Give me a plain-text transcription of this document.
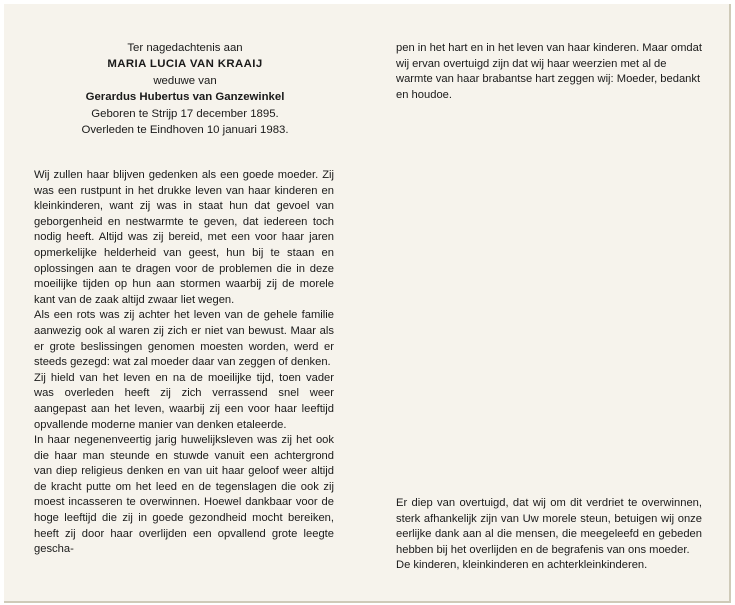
Ter nagedachtenis aan
MARIA LUCIA VAN KRAAIJ
weduwe van
Gerardus Hubertus van Ganzewinkel
Geboren te Strijp 17 december 1895.
Overleden te Eindhoven 10 januari 1983.

Wij zullen haar blijven gedenken als een goede moeder. Zij was een rustpunt in het drukke leven van haar kinderen en kleinkinderen, want zij was in staat hun dat gevoel van geborgenheid en nestwarmte te geven, dat iedereen toch nodig heeft. Altijd was zij bereid, met een voor haar jaren opmerkelijke helderheid van geest, hun bij te staan en oplossingen aan te dragen voor de problemen die in deze moeilijke tijden op hun aan stormen waarbij zij de morele kant van de zaak altijd zwaar liet wegen.

Als een rots was zij achter het leven van de gehele familie aanwezig ook al waren zij zich er niet van bewust. Maar als er grote beslissingen genomen moesten worden, werd er steeds gezegd: wat zal moeder daar van zeggen of denken.

Zij hield van het leven en na de moeilijke tijd, toen vader was overleden heeft zij zich verrassend snel weer aangepast aan het leven, waarbij zij een voor haar leeftijd opvallende moderne manier van denken etaleerde.

In haar negenenveertig jarig huwelijksleven was zij het ook die haar man steunde en stuwde vanuit een achtergrond van diep religieus denken en van uit haar geloof weer altijd de kracht putte om het leed en de tegenslagen die ook zij moest incasseren te overwinnen. Hoewel dankbaar voor de hoge leeftijd die zij in goede gezondheid mocht bereiken, heeft zij door haar overlijden een opvallend grote leegte gescha-

pen in het hart en in het leven van haar kinderen. Maar omdat wij ervan overtuigd zijn dat wij haar weerzien met al de warmte van haar brabantse hart zeggen wij: Moeder, bedankt en houdoe.

Er diep van overtuigd, dat wij om dit verdriet te overwinnen, sterk afhankelijk zijn van Uw morele steun, betuigen wij onze eerlijke dank aan al die mensen, die meegeleefd en gebeden hebben bij het overlijden en de begrafenis van ons moeder.

De kinderen, kleinkinderen en achterkleinkinderen.
